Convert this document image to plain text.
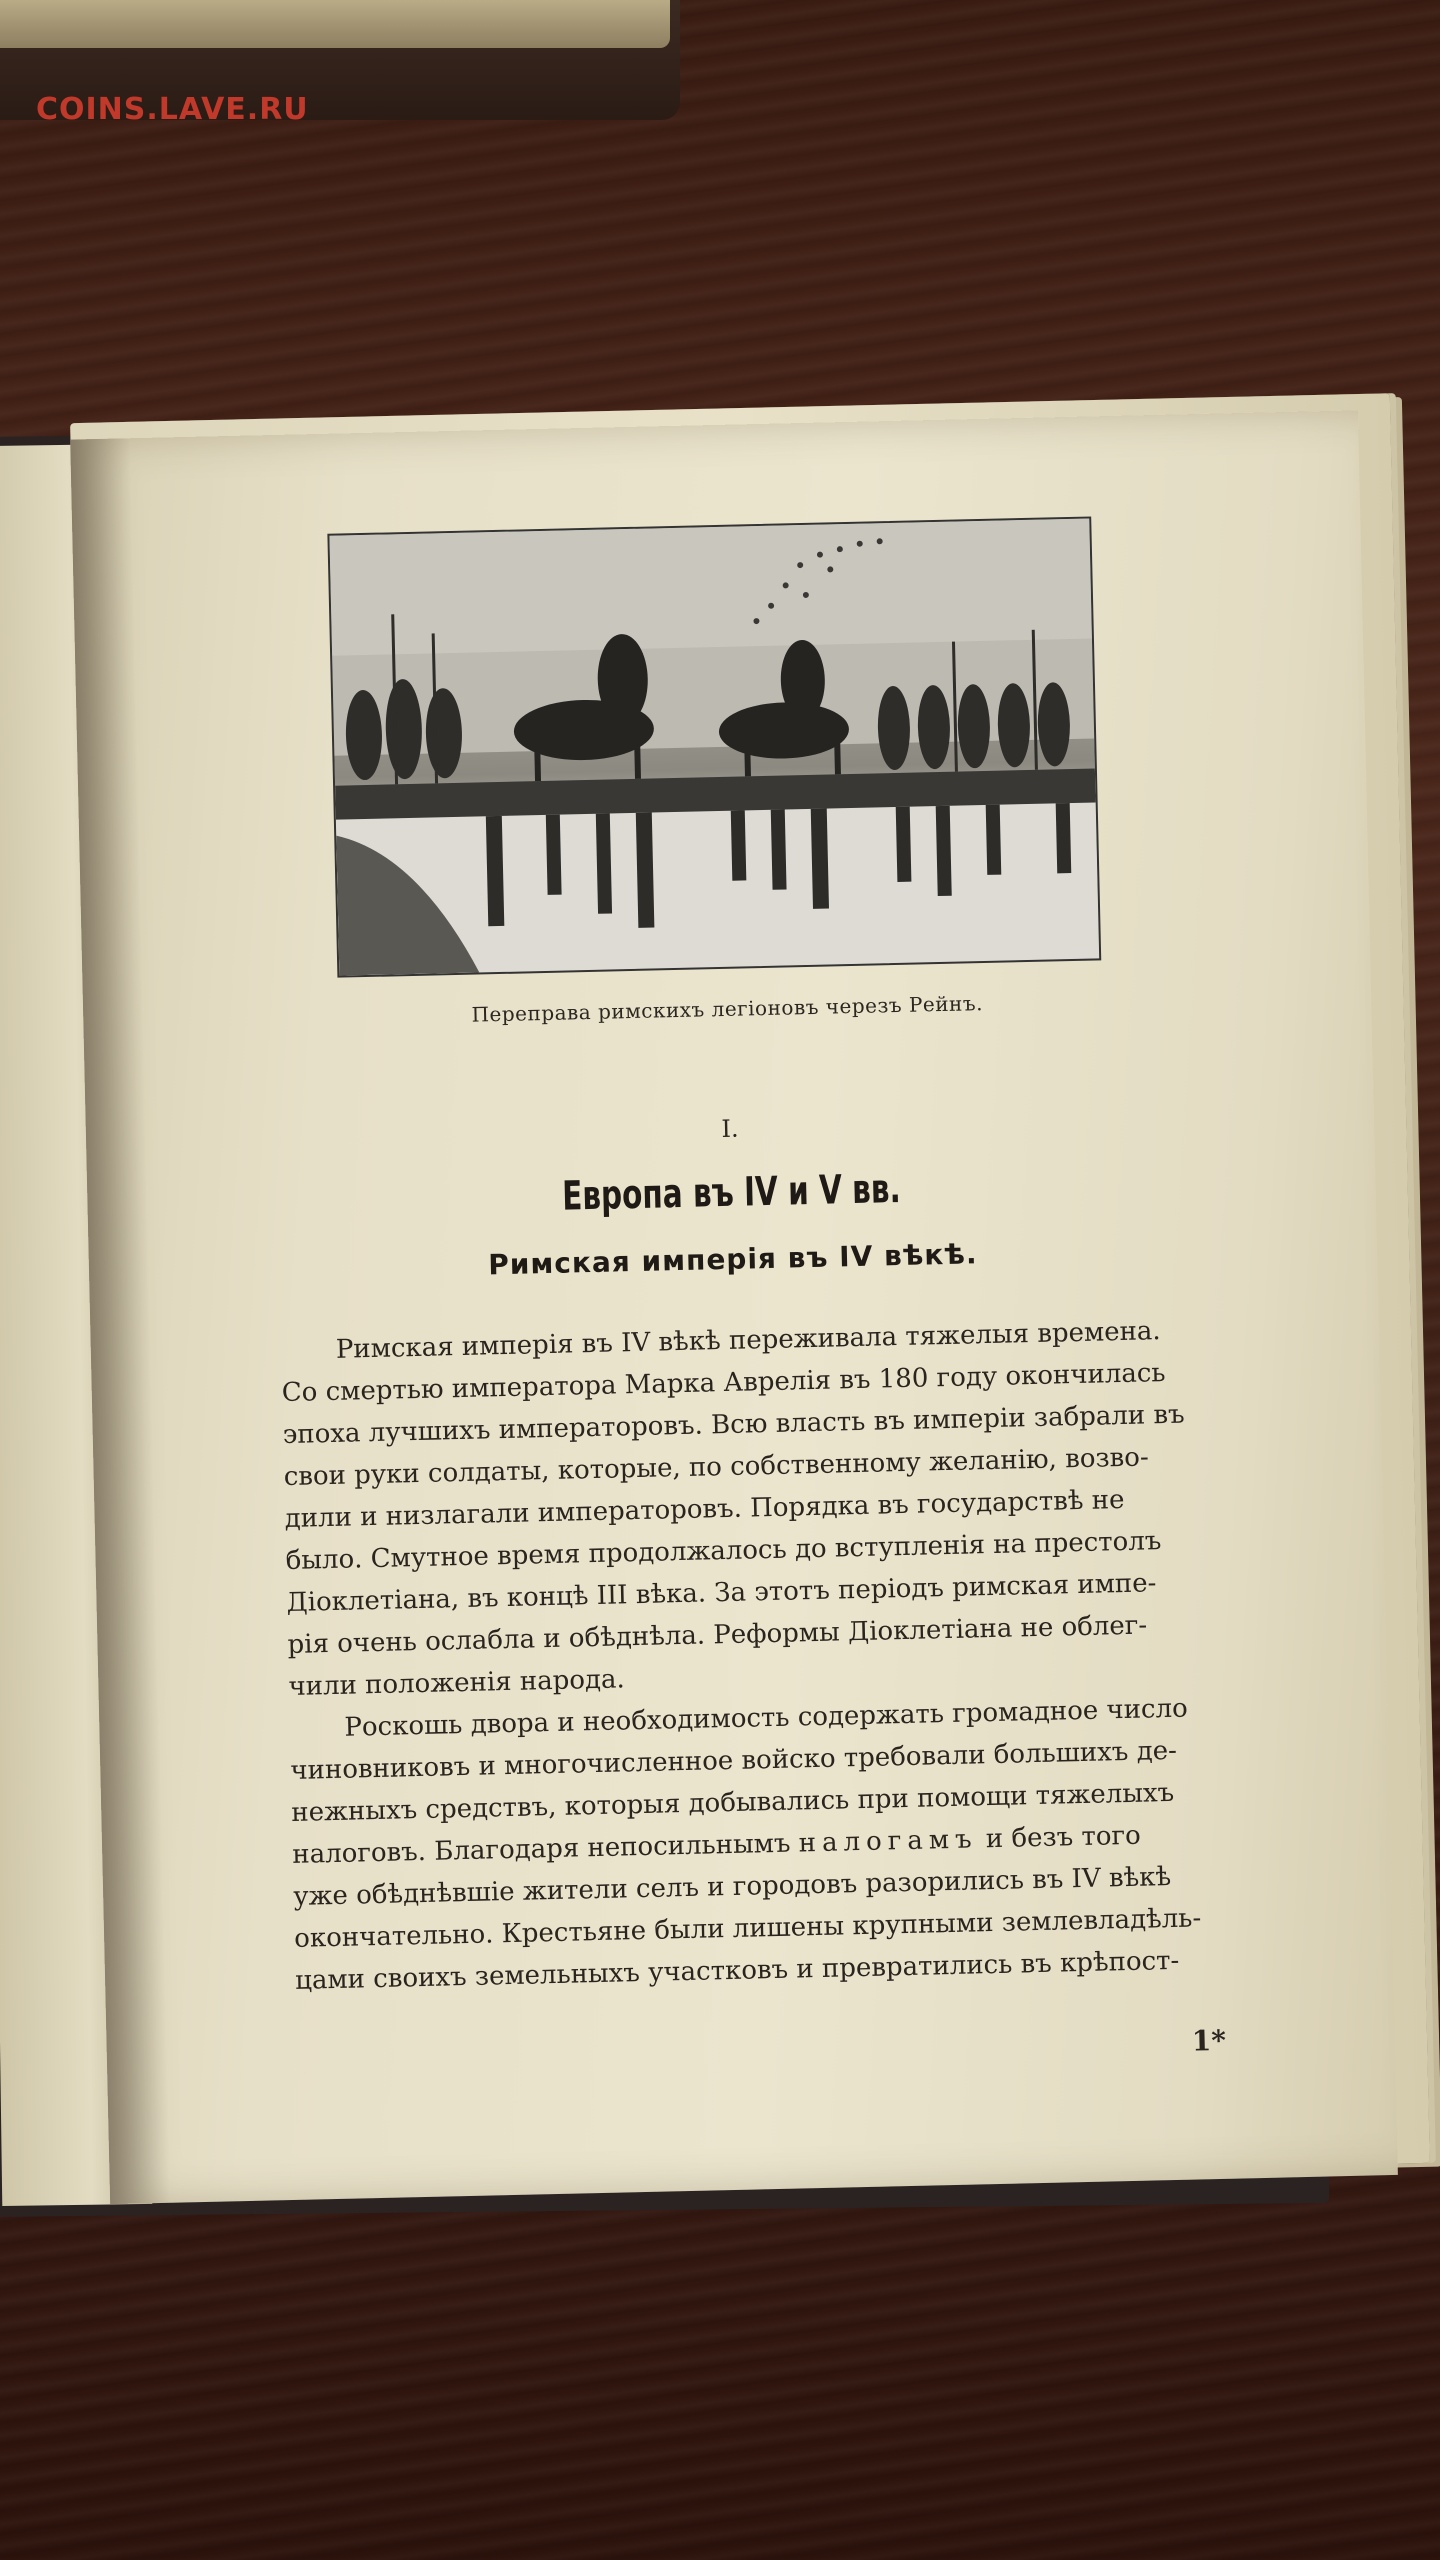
COINS.LAVE.RU
Переправа римскихъ легіоновъ черезъ Рейнъ.
I.
Европа въ IV и V вв.
Римская имперія въ IV вѣкѣ.
Римская имперія въ IV вѣкѣ переживала тяжелыя времена.
Со смертью императора Марка Аврелія въ 180 году окончилась
эпоха лучшихъ императоровъ. Всю власть въ имперіи забрали въ
свои руки солдаты, которые, по собственному желанію, возво-
дили и низлагали императоровъ. Порядка въ государствѣ не
было. Смутное время продолжалось до вступленія на престолъ
Діоклетіана, въ концѣ III вѣка. За этотъ періодъ римская импе-
рія очень ослабла и обѣднѣла. Реформы Діоклетіана не облег-
чили положенія народа.
Роскошь двора и необходимость содержать громадное число
чиновниковъ и многочисленное войско требовали большихъ де-
нежныхъ средствъ, которыя добывались при помощи тяжелыхъ
налоговъ. Благодаря непосильнымъ налогамъ и безъ того
уже обѣднѣвшіе жители селъ и городовъ разорились въ IV вѣкѣ
окончательно. Крестьяне были лишены крупными землевладѣль-
цами своихъ земельныхъ участковъ и превратились въ крѣпост-
1*
